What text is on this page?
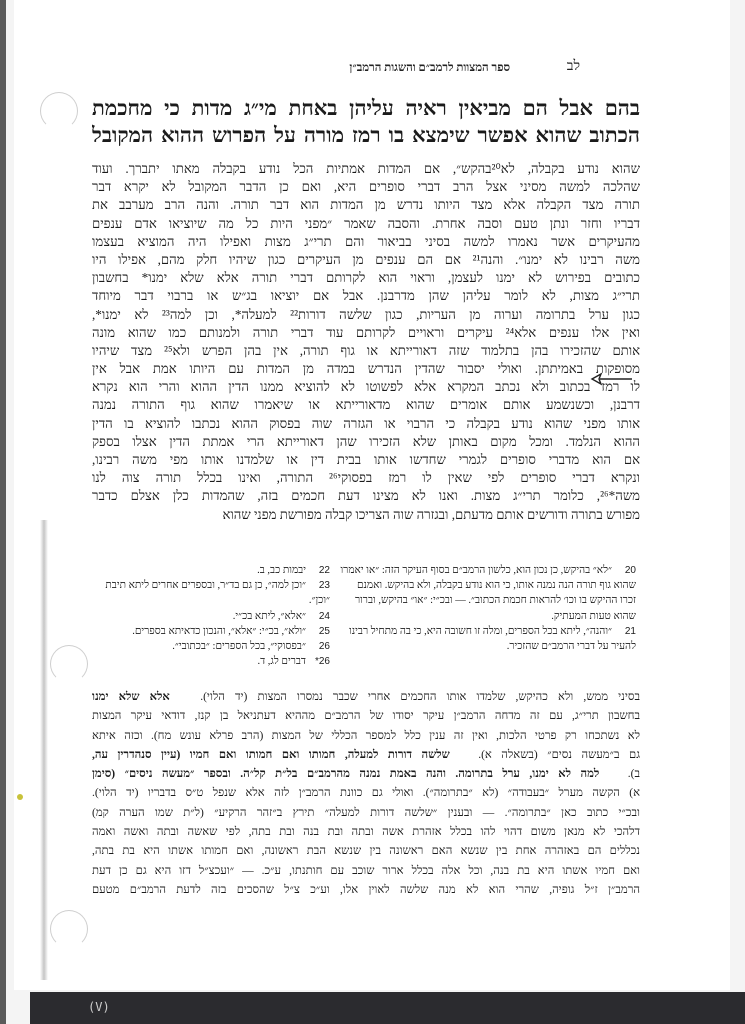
לב
ספר המצוות לרמב״ם והשגות הרמב״ן
בהם אבל הם מביאין ראיה עליהן באחת מי״ג מדות כי מחכמת
הכתוב שהוא אפשר שימצא בו רמז מורה על הפרוש ההוא המקובל
שהוא נודע בקבלה, לא²⁰בהקש״, אם המדות אמתיות הכל נודע בקבלה מאתו יתברך. ועוד
שהלכה למשה מסיני אצל הרב דברי סופרים היא, ואם כן הדבר המקובל לא יקרא דבר
תורה מצד הקבלה אלא מצד היותו נדרש מן המדות הוא דבר תורה. והנה הרב מערבב את
דבריו וחזר ונתן טעם וסבה אחרת. והסבה שאמר ״מפני היות כל מה שיוציאו אדם ענפים
מהעיקרים אשר נאמרו למשה בסיני בביאור והם תרי״ג מצות ואפילו היה המוציא בעצמו
משה רבינו לא ימנו״. והנה²¹ אם הם ענפים מן העיקרים כגון שיהיו חלק מהם, אפילו היו
כתובים בפירוש לא ימנו לעצמן, וראוי הוא לקרותם דברי תורה אלא שלא ימנו* בחשבון
תרי״ג מצות, לא לומר עליהן שהן מדרבנן. אבל אם יוציאו בג״ש או ברבוי דבר מיוחד
כגון ערל בתרומה וערוה מן העריות, כגון שלשה דורות²² למעלה*, וכן למה²³ לא ימנו*,
ואין אלו ענפים אלא²⁴ עיקרים וראויים לקרותם עוד דברי תורה ולמנותם כמו שהוא מונה
אותם שהזכירו בהן בתלמוד שזה דאורייתא או גוף תורה, אין בהן הפרש ולא²⁵ מצד שיהיו
מסופקות באמיתתן. ואולי יסבור שהדין הנדרש במדה מן המדות עם היותו אמת אבל אין
לו רמז בכתוב ולא נכתב המקרא אלא לפשוטו לא להוציא ממנו הדין ההוא והרי הוא נקרא
דרבנן, וכשנשמע אותם אומרים שהוא מדאורייתא או שיאמרו שהוא גוף התורה נמנה
אותו מפני שהוא נודע בקבלה כי הרבוי או הגזרה שוה בפסוק ההוא נכתבו להוציא בו הדין
ההוא הנלמד. ומכל מקום באותן שלא הזכירו שהן דאורייתא הרי אמתת הדין אצלו בספק
אם הוא מדברי סופרים לגמרי שחדשו אותו בבית דין או שלמדנו אותו מפי משה רבינו,
ונקרא דברי סופרים לפי שאין לו רמז בפסוקי²⁶ התורה, ואינו בכלל תורה צוה לנו
משה*²⁶, כלומר תרי״ג מצות. ואנו לא מצינו דעת חכמים בזה, שהמדות כלן אצלם כדבר
מפורש בתורה ודורשים אותם מדעתם, ובגזרה שוה הצריכו קבלה מפורשת מפני שהוא
20״לא״ בהיקש, כן נכון הוא, כלשון הרמב״ם בסוף העיקר הזה: ״או יאמרו שהוא גוף תורה הנה נמנה אותו, כי הוא נודע בקבלה, ולא בהיקש. ואמנם זכרו ההיקש בו וכו׳ להראות חכמת הכתוב״. — ובכ״י: ״או״ בהיקש, וברור שהוא טעות המעתיק.
21״והנה״, ליתא בכל הספרים, ומלה זו חשובה היא, כי בה מתחיל רבינו להעיר על דברי הרמב״ם שהזכיר.
22יבמות כב, ב.
23״וכן למה״, כן גם בד״ר, ובספרים אחרים ליתא תיבת ״וכן״.
24״אלא״, ליתא בכ״י.
25״ולא״, בכ״י: ״אלא״, והנכון כדאיתא בספרים.
26״בפסוקי״, בכל הספרים: ״בכתובי״.
26*דברים לג, ד.
בסיני ממש, ולא כהיקש, שלמדו אותו החכמים אחרי שכבר נמסרו המצות (יד הלוי).   אלא שלא ימנו
בחשבון תרי״ג, עם זה מדחה הרמב״ן עיקר יסודו של הרמב״ם מההיא דעתניאל בן קנז, דודאי עיקר המצות
לא נשתכחו רק פרטי הלכות, ואין זה ענין כלל למספר הכללי של המצות (הרב פרלא עונש מח). וכזה איתא
גם ב״מעשה נסים״ (בשאלה א).   שלשה דורות למעלה, חמותו ואם חמותו ואם חמיו (עיין סנהדרין עה,
ב).   למה לא ימנו, ערל בתרומה. והנה באמת נמנה מהרמב״ם בל״ת קל״ה. ובספר ״מעשה ניסים״ (סימן
א) הקשה מערל ״בעבודה״ (לא ״בתרומה״). ואולי גם כוונת הרמב״ן לזה אלא שנפל ט״ס בדבריו (יד הלוי).
ובכ״י כתוב כאן ״בתרומה״. — ובענין ״שלשה דורות למעלה״ תירץ ב״זהר הרקיע״ (ל״ת שמו הערה קמ)
דלהכי לא מנאן משום דהוי להו בכלל אזהרת אשה ובתה ובת בנה ובת בתה, לפי שאשה ובתה ואשה ואמה
נכללים הם באזהרה אחת בין שנשא האם ראשונה בין שנשא הבת ראשונה, ואם חמותו אשתו היא בת בתה,
ואם חמיו אשתו היא בת בנה, וכל אלה בכלל ארור שוכב עם חותנתו, ע״כ. — ״ועכצ״ל דזו היא גם כן דעת
הרמב״ן ז״ל גופיה, שהרי הוא לא מנה שלשה לאוין אלו, וע״כ צ״ל שהסכים בזה לדעת הרמב״ם מטעם
(V)
